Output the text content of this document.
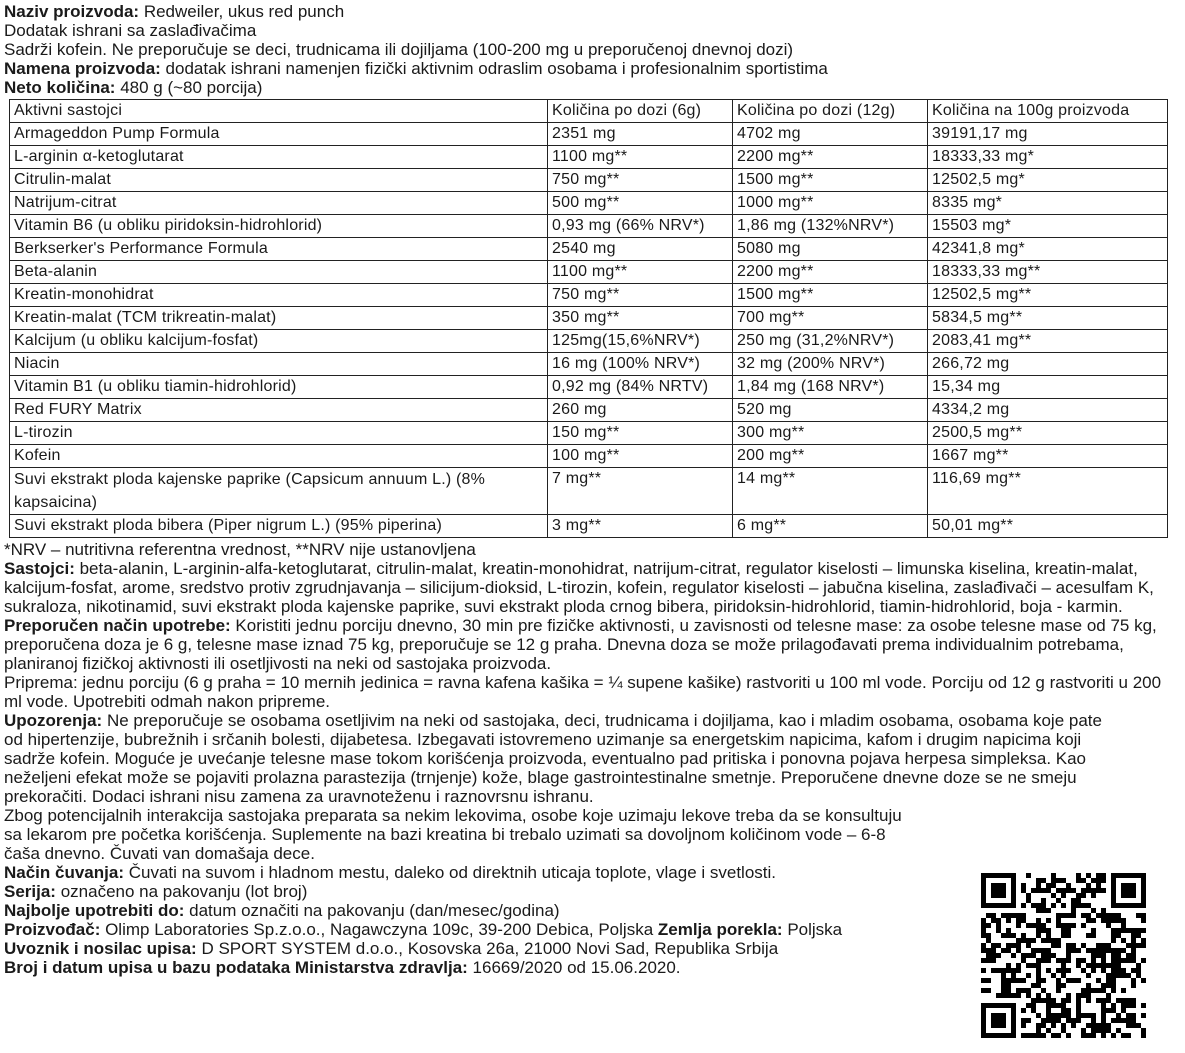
Naziv proizvoda: Redweiler, ukus red punch
Dodatak ishrani sa zaslađivačima
Sadrži kofein. Ne preporučuje se deci, trudnicama ili dojiljama (100-200 mg u preporučenoj dnevnoj dozi)
Namena proizvoda: dodatak ishrani namenjen fizički aktivnim odraslim osobama i profesionalnim sportistima
Neto količina: 480 g (~80 porcija)
Aktivni sastojci	Količina po dozi (6g)	Količina po dozi (12g)	Količina na 100g proizvoda
Armageddon Pump Formula	2351 mg	4702 mg	39191,17 mg
L-arginin α-ketoglutarat	1100 mg**	2200 mg**	18333,33 mg*
Citrulin-malat	750 mg**	1500 mg**	12502,5 mg*
Natrijum-citrat	500 mg**	1000 mg**	8335 mg*
Vitamin B6 (u obliku piridoksin-hidrohlorid)	0,93 mg (66% NRV*)	1,86 mg (132%NRV*)	15503 mg*
Berkserker's Performance Formula	2540 mg	5080 mg	42341,8 mg*
Beta-alanin	1100 mg**	2200 mg**	18333,33 mg**
Kreatin-monohidrat	750 mg**	1500 mg**	12502,5 mg**
Kreatin-malat (TCM trikreatin-malat)	350 mg**	700 mg**	5834,5 mg**
Kalcijum (u obliku kalcijum-fosfat)	125mg(15,6%NRV*)	250 mg (31,2%NRV*)	2083,41 mg**
Niacin	16 mg (100% NRV*)	32 mg (200% NRV*)	266,72 mg
Vitamin B1 (u obliku tiamin-hidrohlorid)	0,92 mg (84% NRTV)	1,84 mg (168 NRV*)	15,34 mg
Red FURY Matrix	260 mg	520 mg	4334,2 mg
L-tirozin	150 mg**	300 mg**	2500,5 mg**
Kofein	100 mg**	200 mg**	1667 mg**
Suvi ekstrakt ploda kajenske paprike (Capsicum annuum L.) (8% kapsaicina)	7 mg**	14 mg**	116,69 mg**
Suvi ekstrakt ploda bibera (Piper nigrum L.) (95% piperina)	3 mg**	6 mg**	50,01 mg**
*NRV – nutritivna referentna vrednost, **NRV nije ustanovljena
Sastojci: beta-alanin, L-arginin-alfa-ketoglutarat, citrulin-malat, kreatin-monohidrat, natrijum-citrat, regulator kiselosti – limunska kiselina, kreatin-malat, kalcijum-fosfat, arome, sredstvo protiv zgrudnjavanja – silicijum-dioksid, L-tirozin, kofein, regulator kiselosti – jabučna kiselina, zaslađivači – acesulfam K, sukraloza, nikotinamid, suvi ekstrakt ploda kajenske paprike, suvi ekstrakt ploda crnog bibera, piridoksin-hidrohlorid, tiamin-hidrohlorid, boja - karmin.
Preporučen način upotrebe: Koristiti jednu porciju dnevno, 30 min pre fizičke aktivnosti, u zavisnosti od telesne mase: za osobe telesne mase od 75 kg, preporučena doza je 6 g, telesne mase iznad 75 kg, preporučuje se 12 g praha. Dnevna doza se može prilagođavati prema individualnim potrebama, planiranoj fizičkoj aktivnosti ili osetljivosti na neki od sastojaka proizvoda.
Priprema: jednu porciju (6 g praha = 10 mernih jedinica = ravna kafena kašika = ¼ supene kašike) rastvoriti u 100 ml vode. Porciju od 12 g rastvoriti u 200 ml vode. Upotrebiti odmah nakon pripreme.
Upozorenja: Ne preporučuje se osobama osetljivim na neki od sastojaka, deci, trudnicama i dojiljama, kao i mladim osobama, osobama koje pate od hipertenzije, bubrežnih i srčanih bolesti, dijabetesa. Izbegavati istovremeno uzimanje sa energetskim napicima, kafom i drugim napicima koji sadrže kofein. Moguće je uvećanje telesne mase tokom korišćenja proizvoda, eventualno pad pritiska i ponovna pojava herpesa simpleksa. Kao neželjeni efekat može se pojaviti prolazna parastezija (trnjenje) kože, blage gastrointestinalne smetnje. Preporučene dnevne doze se ne smeju prekoračiti. Dodaci ishrani nisu zamena za uravnoteženu i raznovrsnu ishranu.
Zbog potencijalnih interakcija sastojaka preparata sa nekim lekovima, osobe koje uzimaju lekove treba da se konsultuju sa lekarom pre početka korišćenja. Suplemente na bazi kreatina bi trebalo uzimati sa dovoljnom količinom vode – 6-8 čaša dnevno. Čuvati van domašaja dece.
Način čuvanja: Čuvati na suvom i hladnom mestu, daleko od direktnih uticaja toplote, vlage i svetlosti.
Serija: označeno na pakovanju (lot broj)
Najbolje upotrebiti do: datum označiti na pakovanju (dan/mesec/godina)
Proizvođač: Olimp Laboratories Sp.z.o.o., Nagawczyna 109c, 39-200 Debica, Poljska Zemlja porekla: Poljska
Uvoznik i nosilac upisa: D SPORT SYSTEM d.o.o., Kosovska 26a, 21000 Novi Sad, Republika Srbija
Broj i datum upisa u bazu podataka Ministarstva zdravlja: 16669/2020 od 15.06.2020.
